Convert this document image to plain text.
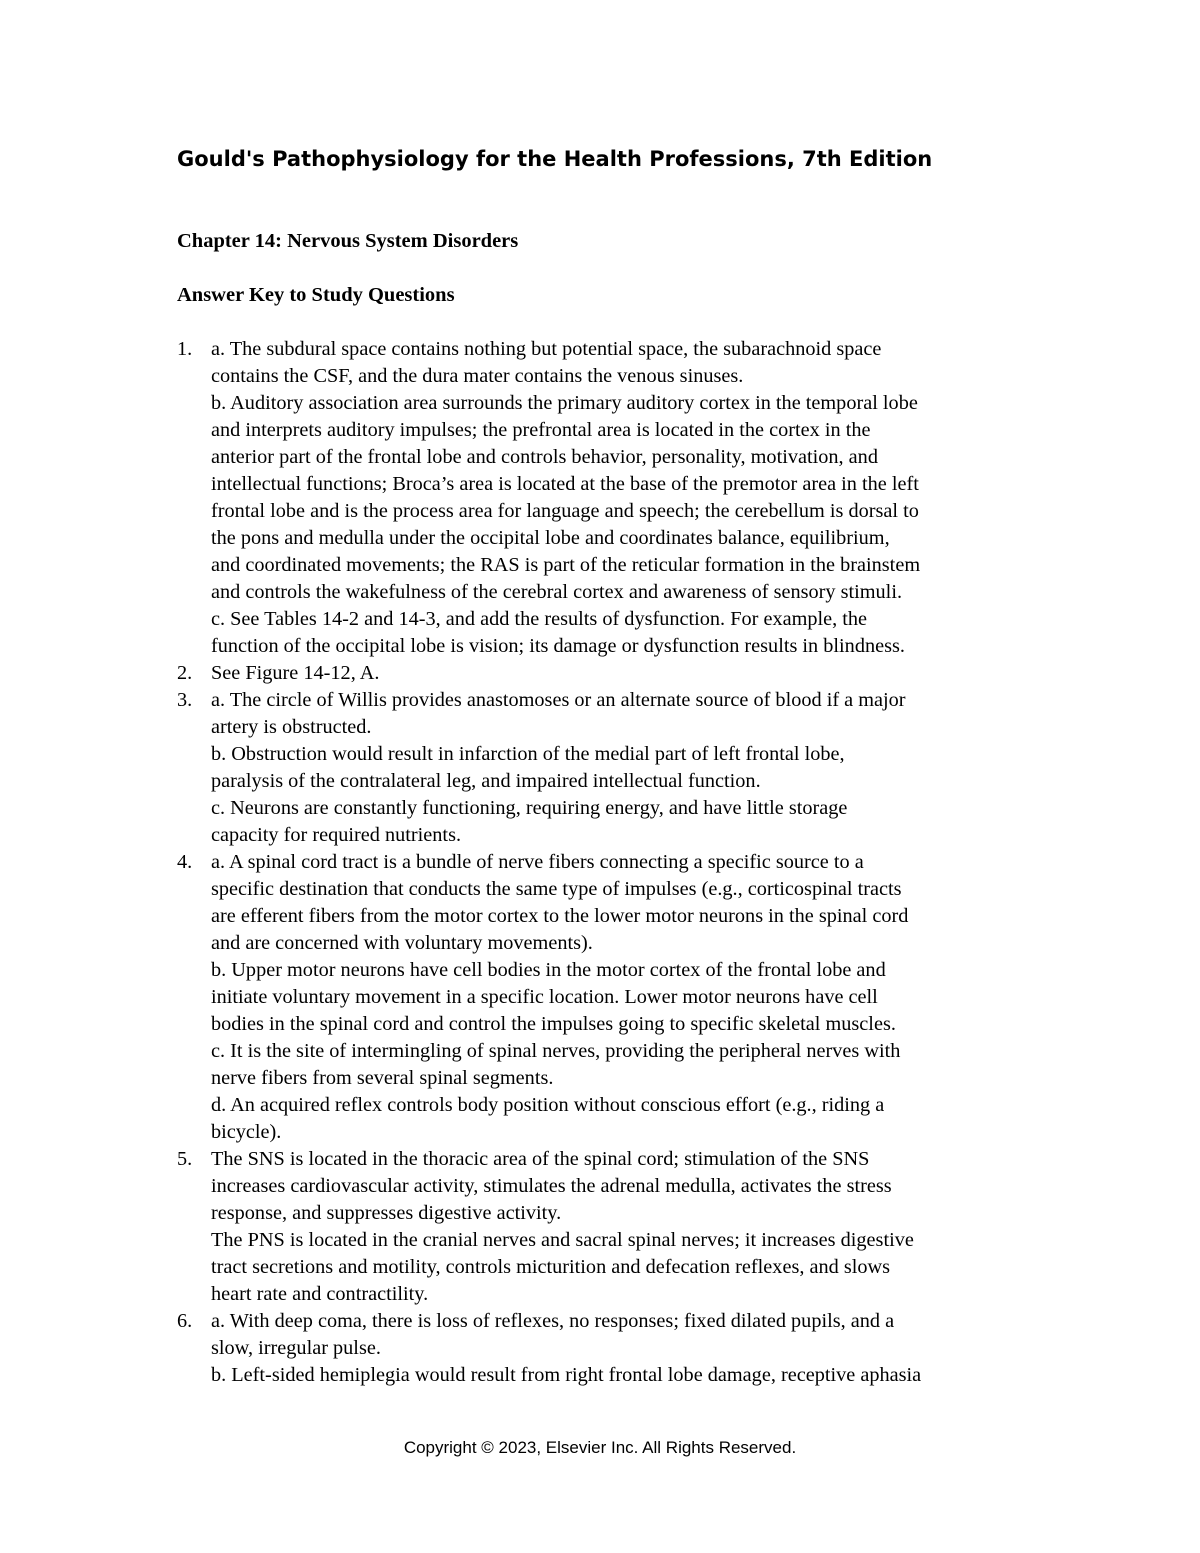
Gould's Pathophysiology for the Health Professions, 7th Edition
Chapter 14: Nervous System Disorders
Answer Key to Study Questions
1. a. The subdural space contains nothing but potential space, the subarachnoid space
contains the CSF, and the dura mater contains the venous sinuses.
b. Auditory association area surrounds the primary auditory cortex in the temporal lobe
and interprets auditory impulses; the prefrontal area is located in the cortex in the
anterior part of the frontal lobe and controls behavior, personality, motivation, and
intellectual functions; Broca’s area is located at the base of the premotor area in the left
frontal lobe and is the process area for language and speech; the cerebellum is dorsal to
the pons and medulla under the occipital lobe and coordinates balance, equilibrium,
and coordinated movements; the RAS is part of the reticular formation in the brainstem
and controls the wakefulness of the cerebral cortex and awareness of sensory stimuli.
c. See Tables 14-2 and 14-3, and add the results of dysfunction. For example, the
function of the occipital lobe is vision; its damage or dysfunction results in blindness.
2. See Figure 14-12, A.
3. a. The circle of Willis provides anastomoses or an alternate source of blood if a major
artery is obstructed.
b. Obstruction would result in infarction of the medial part of left frontal lobe,
paralysis of the contralateral leg, and impaired intellectual function.
c. Neurons are constantly functioning, requiring energy, and have little storage
capacity for required nutrients.
4. a. A spinal cord tract is a bundle of nerve fibers connecting a specific source to a
specific destination that conducts the same type of impulses (e.g., corticospinal tracts
are efferent fibers from the motor cortex to the lower motor neurons in the spinal cord
and are concerned with voluntary movements).
b. Upper motor neurons have cell bodies in the motor cortex of the frontal lobe and
initiate voluntary movement in a specific location. Lower motor neurons have cell
bodies in the spinal cord and control the impulses going to specific skeletal muscles.
c. It is the site of intermingling of spinal nerves, providing the peripheral nerves with
nerve fibers from several spinal segments.
d. An acquired reflex controls body position without conscious effort (e.g., riding a
bicycle).
5. The SNS is located in the thoracic area of the spinal cord; stimulation of the SNS
increases cardiovascular activity, stimulates the adrenal medulla, activates the stress
response, and suppresses digestive activity.
The PNS is located in the cranial nerves and sacral spinal nerves; it increases digestive
tract secretions and motility, controls micturition and defecation reflexes, and slows
heart rate and contractility.
6. a. With deep coma, there is loss of reflexes, no responses; fixed dilated pupils, and a
slow, irregular pulse.
b. Left-sided hemiplegia would result from right frontal lobe damage, receptive aphasia
Copyright © 2023, Elsevier Inc. All Rights Reserved.
